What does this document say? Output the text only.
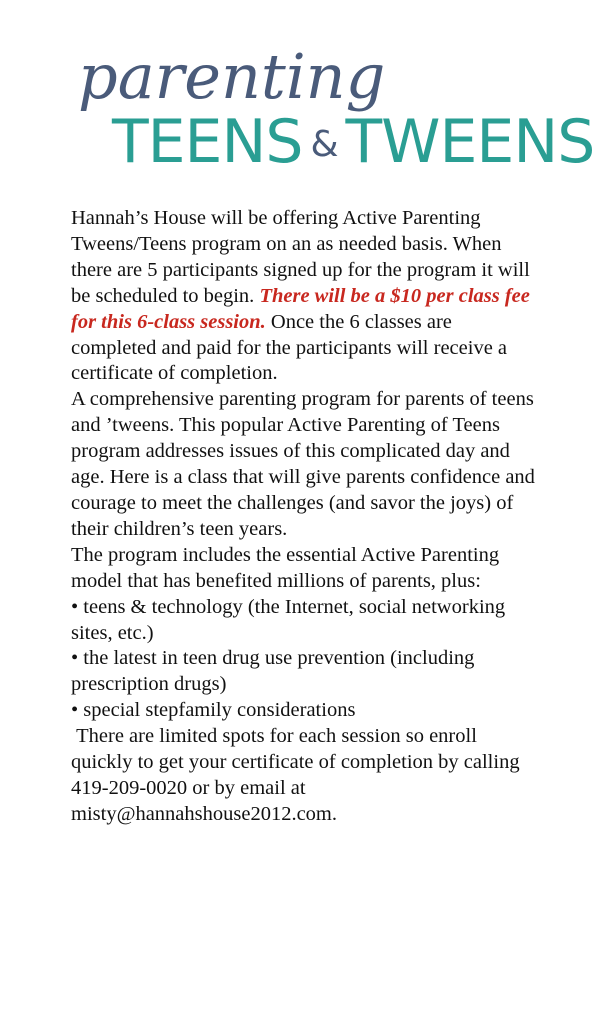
parenting
TEENS & TWEENS

Hannah’s House will be offering Active Parenting Tweens/Teens program on an as needed basis. When there are 5 participants signed up for the program it will be scheduled to begin. There will be a $10 per class fee for this 6-class session. Once the 6 classes are completed and paid for the participants will receive a certificate of completion.

A comprehensive parenting program for parents of teens and ’tweens. This popular Active Parenting of Teens program addresses issues of this complicated day and age. Here is a class that will give parents confidence and courage to meet the challenges (and savor the joys) of their children’s teen years.

The program includes the essential Active Parenting model that has benefited millions of parents, plus:

• teens & technology (the Internet, social networking sites, etc.)

• the latest in teen drug use prevention (including prescription drugs)

• special stepfamily considerations

There are limited spots for each session so enroll quickly to get your certificate of completion by calling 419-209-0020 or by email at misty@hannahshouse2012.com.
